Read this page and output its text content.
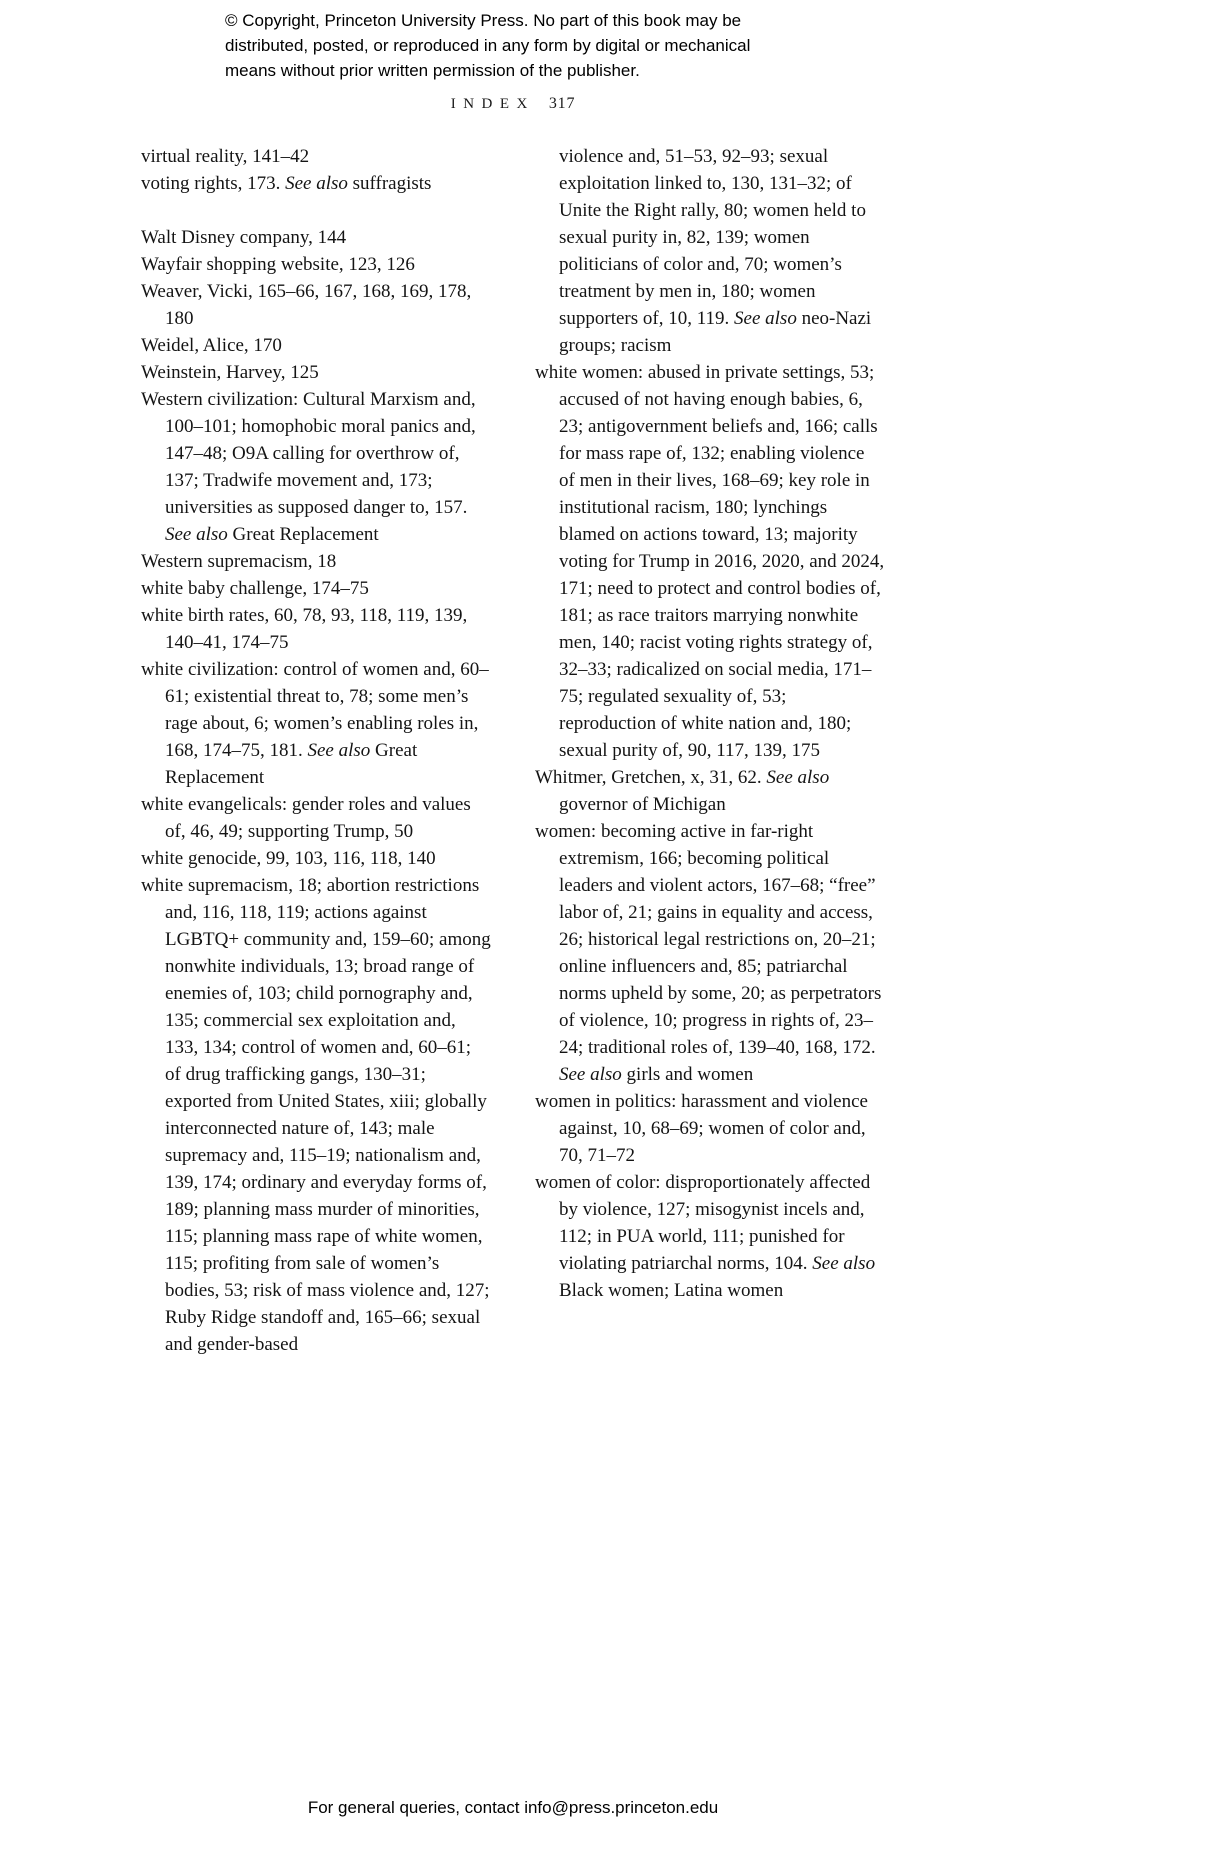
© Copyright, Princeton University Press. No part of this book may be
distributed, posted, or reproduced in any form by digital or mechanical
means without prior written permission of the publisher.
INDEX 317

virtual reality, 141–42

voting rights, 173. See also suffragists

Walt Disney company, 144

Wayfair shopping website, 123, 126

Weaver, Vicki, 165–66, 167, 168, 169, 178, 180

Weidel, Alice, 170

Weinstein, Harvey, 125

Western civilization: Cultural Marxism and, 100–101; homophobic moral panics and, 147–48; O9A calling for overthrow of, 137; Tradwife movement and, 173; universities as supposed danger to, 157. See also Great Replacement

Western supremacism, 18

white baby challenge, 174–75

white birth rates, 60, 78, 93, 118, 119, 139, 140–41, 174–75

white civilization: control of women and, 60–61; existential threat to, 78; some men’s rage about, 6; women’s enabling roles in, 168, 174–75, 181. See also Great Replacement

white evangelicals: gender roles and values of, 46, 49; supporting Trump, 50

white genocide, 99, 103, 116, 118, 140

white supremacism, 18; abortion restrictions and, 116, 118, 119; actions against LGBTQ+ community and, 159–60; among nonwhite individuals, 13; broad range of enemies of, 103; child pornography and, 135; commercial sex exploitation and, 133, 134; control of women and, 60–61; of drug trafficking gangs, 130–31; exported from United States, xiii; globally interconnected nature of, 143; male supremacy and, 115–19; nationalism and, 139, 174; ordinary and everyday forms of, 189; planning mass murder of minorities, 115; planning mass rape of white women, 115; profiting from sale of women’s bodies, 53; risk of mass violence and, 127; Ruby Ridge standoff and, 165–66; sexual and gender-based

violence and, 51–53, 92–93; sexual exploitation linked to, 130, 131–32; of Unite the Right rally, 80; women held to sexual purity in, 82, 139; women politicians of color and, 70; women’s treatment by men in, 180; women supporters of, 10, 119. See also neo-Nazi groups; racism

white women: abused in private settings, 53; accused of not having enough babies, 6, 23; antigovernment beliefs and, 166; calls for mass rape of, 132; enabling violence of men in their lives, 168–69; key role in institutional racism, 180; lynchings blamed on actions toward, 13; majority voting for Trump in 2016, 2020, and 2024, 171; need to protect and control bodies of, 181; as race traitors marrying nonwhite men, 140; racist voting rights strategy of, 32–33; radicalized on social media, 171–75; regulated sexuality of, 53; reproduction of white nation and, 180; sexual purity of, 90, 117, 139, 175

Whitmer, Gretchen, x, 31, 62. See also governor of Michigan

women: becoming active in far-right extremism, 166; becoming political leaders and violent actors, 167–68; “free” labor of, 21; gains in equality and access, 26; historical legal restrictions on, 20–21; online influencers and, 85; patriarchal norms upheld by some, 20; as perpetrators of violence, 10; progress in rights of, 23–24; traditional roles of, 139–40, 168, 172. See also girls and women

women in politics: harassment and violence against, 10, 68–69; women of color and, 70, 71–72

women of color: disproportionately affected by violence, 127; misogynist incels and, 112; in PUA world, 111; punished for violating patriarchal norms, 104. See also Black women; Latina women

For general queries, contact info@press.princeton.edu
